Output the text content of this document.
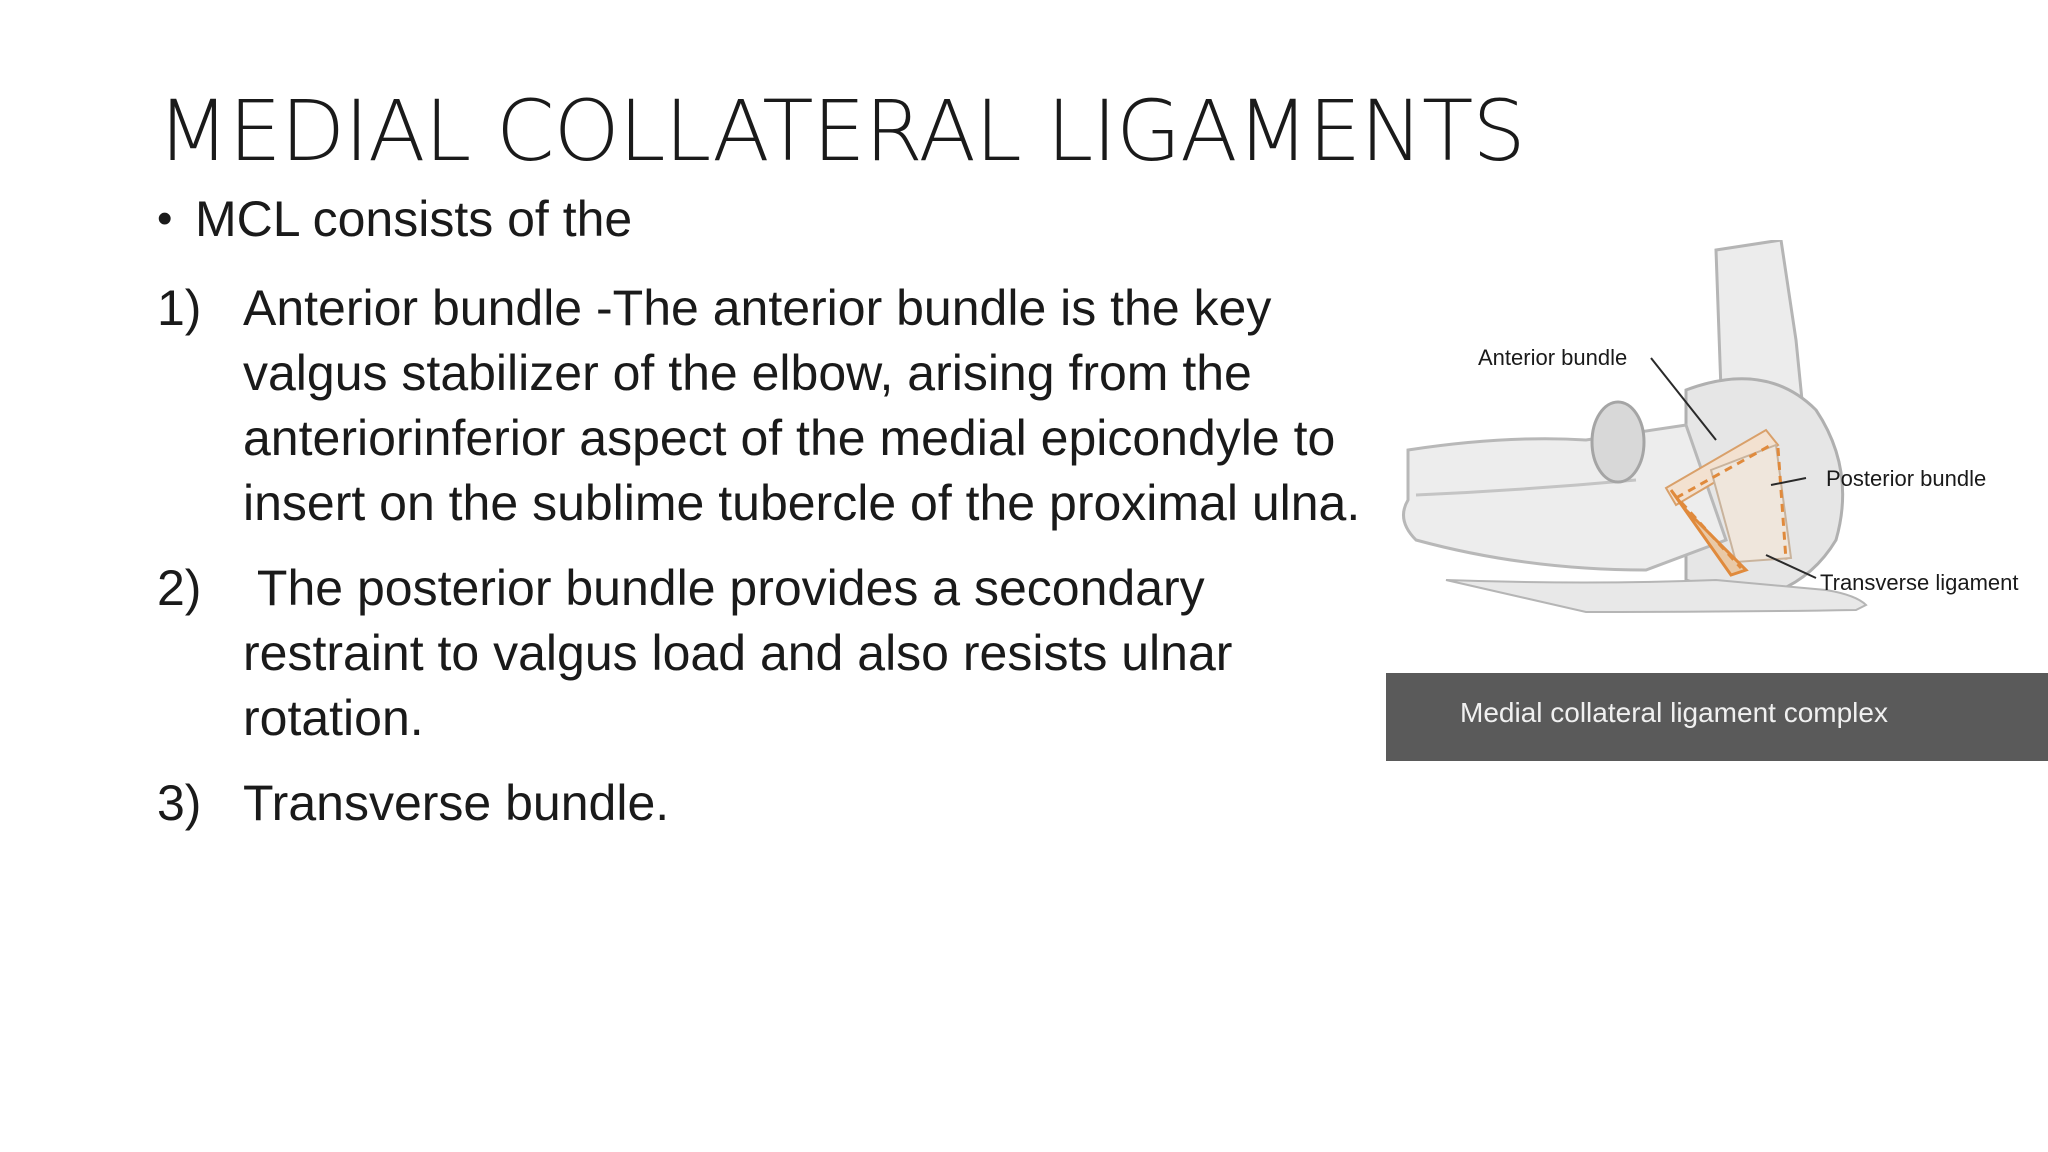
MEDIAL COLLATERAL LIGAMENTS
• MCL consists of the
1) Anterior bundle -The anterior bundle is the key valgus stabilizer of the elbow, arising from the anteriorinferior aspect of the medial epicondyle to insert on the sublime tubercle of the proximal ulna.
2) The posterior bundle provides a secondary restraint to valgus load and also resists ulnar rotation.
3) Transverse bundle.
Anterior bundle
Posterior bundle
Transverse ligament
Medial collateral ligament complex
